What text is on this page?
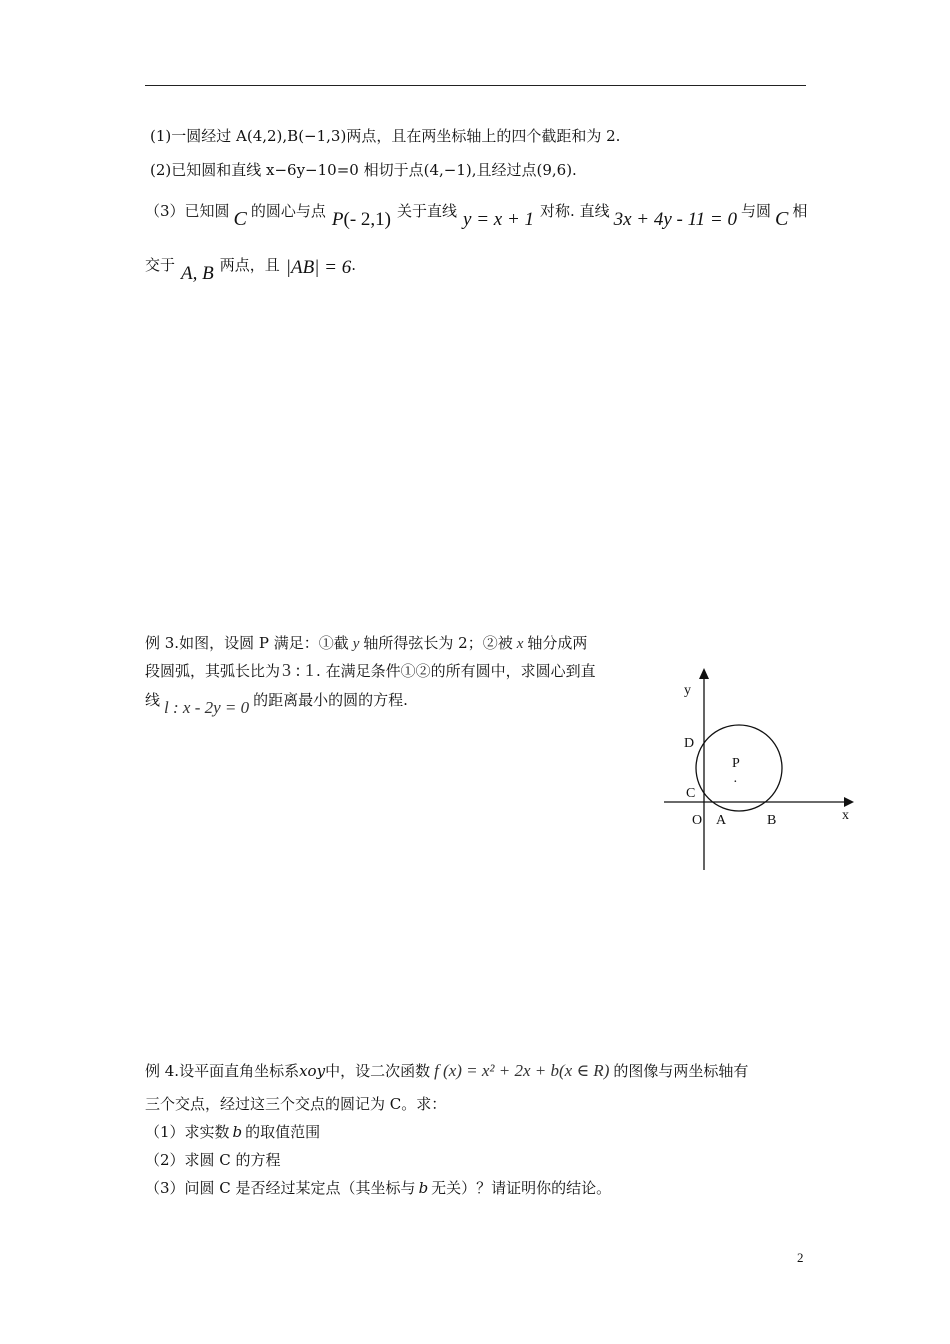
(1)一圆经过 A(4,2),B(−1,3)两点，且在两坐标轴上的四个截距和为 2.
(2)已知圆和直线 x−6y−10=0 相切于点(4,−1),且经过点(9,6).
（3）已知圆 C 的圆心与点 P(- 2,1) 关于直线 y = x + 1 对称. 直线 3x + 4y - 11 = 0 与圆 C 相
交于 A, B 两点，且 |AB| = 6.
例 3.如图，设圆 P 满足：①截 y 轴所得弦长为 2；②被 x 轴分成两
段圆弧，其弧长比为 3 : 1 . 在满足条件①②的所有圆中，求圆心到直
线 l : x - 2y = 0 的距离最小的圆的方程.
y
x
D
P
·
C
O A	B
例 4.设平面直角坐标系xoy中，设二次函数 f (x) = x² + 2x + b(x ∈ R) 的图像与两坐标轴有
三个交点，经过这三个交点的圆记为 C。求：
（1）求实数 b 的取值范围
（2）求圆 C 的方程
（3）问圆 C 是否经过某定点（其坐标与 b 无关）？请证明你的结论。
2
